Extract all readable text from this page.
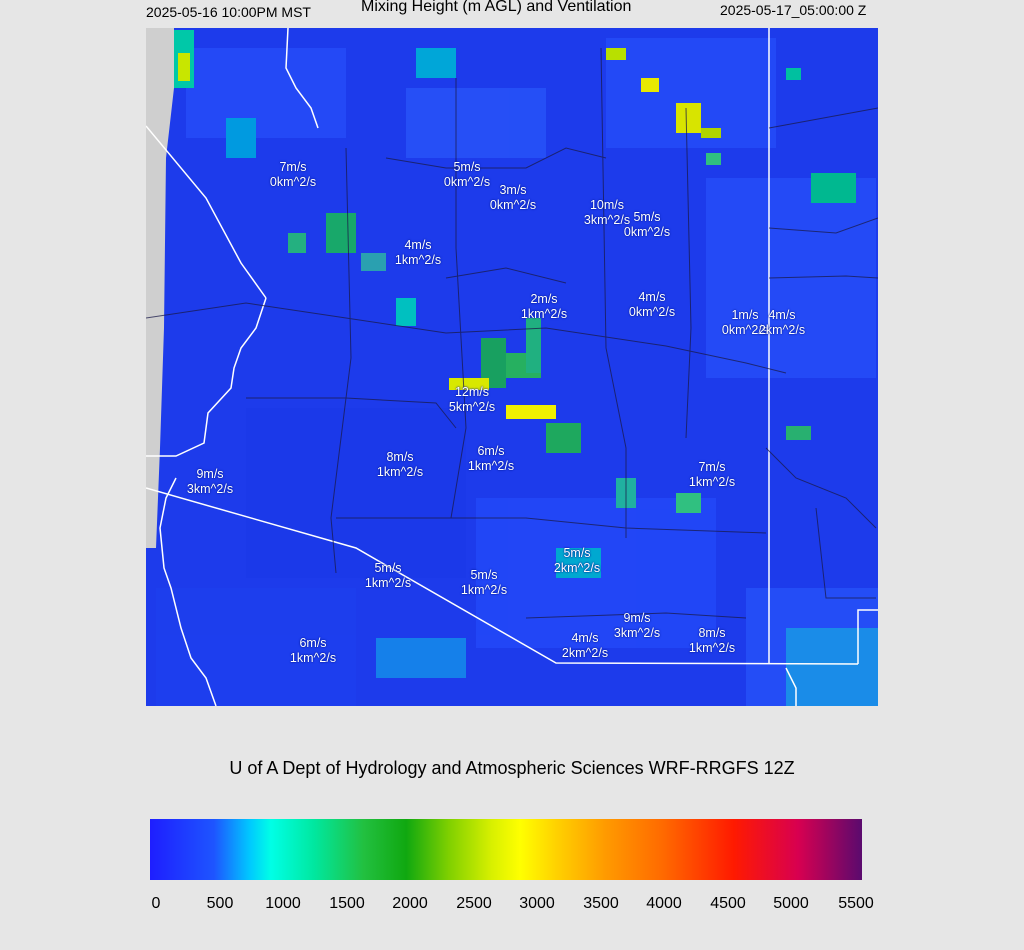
2025-05-16 10:00PM MST	Mixing Height (m AGL) and Ventilation	2025-05-17_05:00:00 Z
7m/s
0km^2/s
5m/s
0km^2/s
3m/s
0km^2/s	10m/s
3km^2/s 5m/s
0km^2/s
4m/s
1km^2/s
2m/s
1km^2/s
4m/s
0km^2/s	1m/s
0km^2/s
4m/s
2km^2/s
12m/s
5km^2/s
8m/s
1km^2/s
6m/s
1km^2/s
9m/s
3km^2/s
7m/s
1km^2/s
5m/s
2km^2/s
5m/s
1km^2/s
5m/s
1km^2/s
9m/s
3km^2/s
4m/s
2km^2/s
8m/s
1km^2/s
6m/s
1km^2/s
U of A Dept of Hydrology and Atmospheric Sciences WRF-RRGFS 12Z
0	500 1000 1500 2000 2500 3000 3500 4000 4500 5000 5500
